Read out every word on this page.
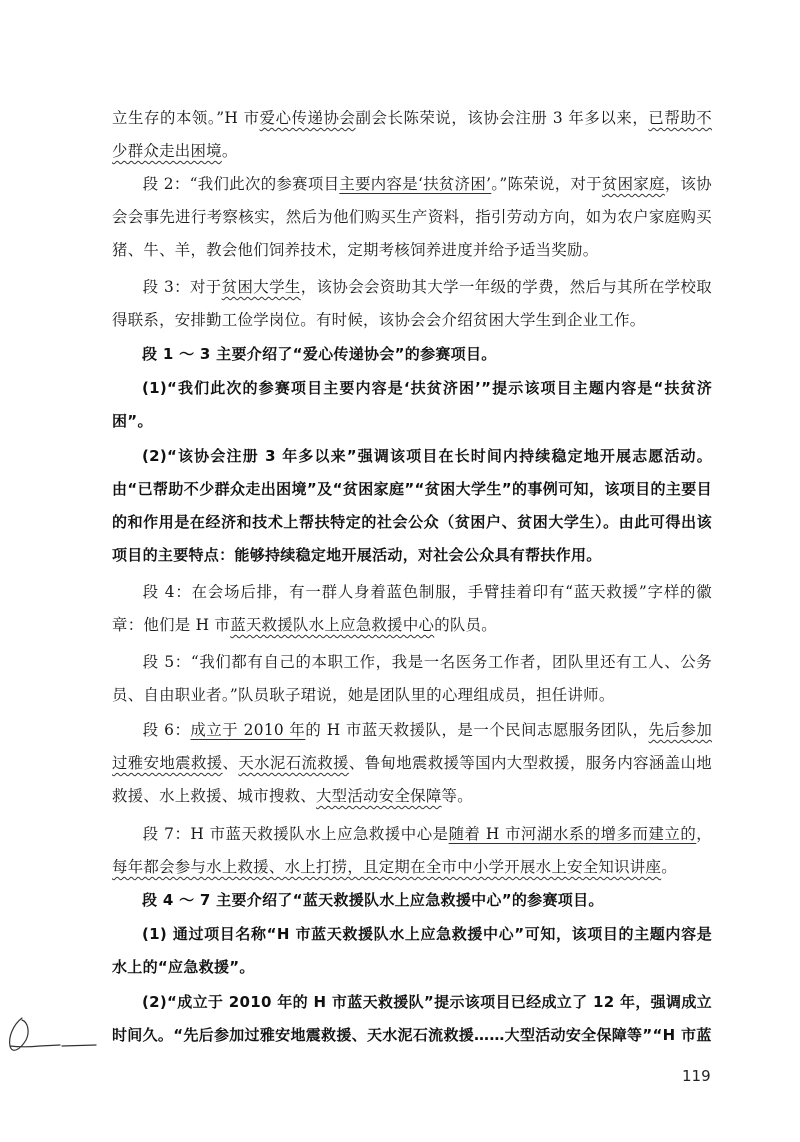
立生存的本领。”H 市爱心传递协会副会长陈荣说，该协会注册 3 年多以来，已帮助不少群众走出困境。

段 2：“我们此次的参赛项目主要内容是‘扶贫济困’。”陈荣说，对于贫困家庭，该协会会事先进行考察核实，然后为他们购买生产资料，指引劳动方向，如为农户家庭购买猪、牛、羊，教会他们饲养技术，定期考核饲养进度并给予适当奖励。

段 3：对于贫困大学生，该协会会资助其大学一年级的学费，然后与其所在学校取得联系，安排勤工俭学岗位。有时候，该协会会介绍贫困大学生到企业工作。

段 1 ～ 3 主要介绍了“爱心传递协会”的参赛项目。

(1)“我们此次的参赛项目主要内容是‘扶贫济困’”提示该项目主题内容是“扶贫济困”。

(2)“该协会注册 3 年多以来”强调该项目在长时间内持续稳定地开展志愿活动。由“已帮助不少群众走出困境”及“贫困家庭”“贫困大学生”的事例可知，该项目的主要目的和作用是在经济和技术上帮扶特定的社会公众（贫困户、贫困大学生）。由此可得出该项目的主要特点：能够持续稳定地开展活动，对社会公众具有帮扶作用。

段 4：在会场后排，有一群人身着蓝色制服，手臂挂着印有“蓝天救援”字样的徽章：他们是 H 市蓝天救援队水上应急救援中心的队员。

段 5：“我们都有自己的本职工作，我是一名医务工作者，团队里还有工人、公务员、自由职业者。”队员耿子珺说，她是团队里的心理组成员，担任讲师。

段 6：成立于 2010 年的 H 市蓝天救援队，是一个民间志愿服务团队，先后参加过雅安地震救援、天水泥石流救援、鲁甸地震救援等国内大型救援，服务内容涵盖山地救援、水上救援、城市搜救、大型活动安全保障等。

段 7：H 市蓝天救援队水上应急救援中心是随着 H 市河湖水系的增多而建立的，每年都会参与水上救援、水上打捞，且定期在全市中小学开展水上安全知识讲座。

段 4 ～ 7 主要介绍了“蓝天救援队水上应急救援中心”的参赛项目。

(1) 通过项目名称“H 市蓝天救援队水上应急救援中心”可知，该项目的主题内容是水上的“应急救援”。

(2)“成立于 2010 年的 H 市蓝天救援队”提示该项目已经成立了 12 年，强调成立时间久。“先后参加过雅安地震救援、天水泥石流救援……大型活动安全保障等”“H 市蓝

119
